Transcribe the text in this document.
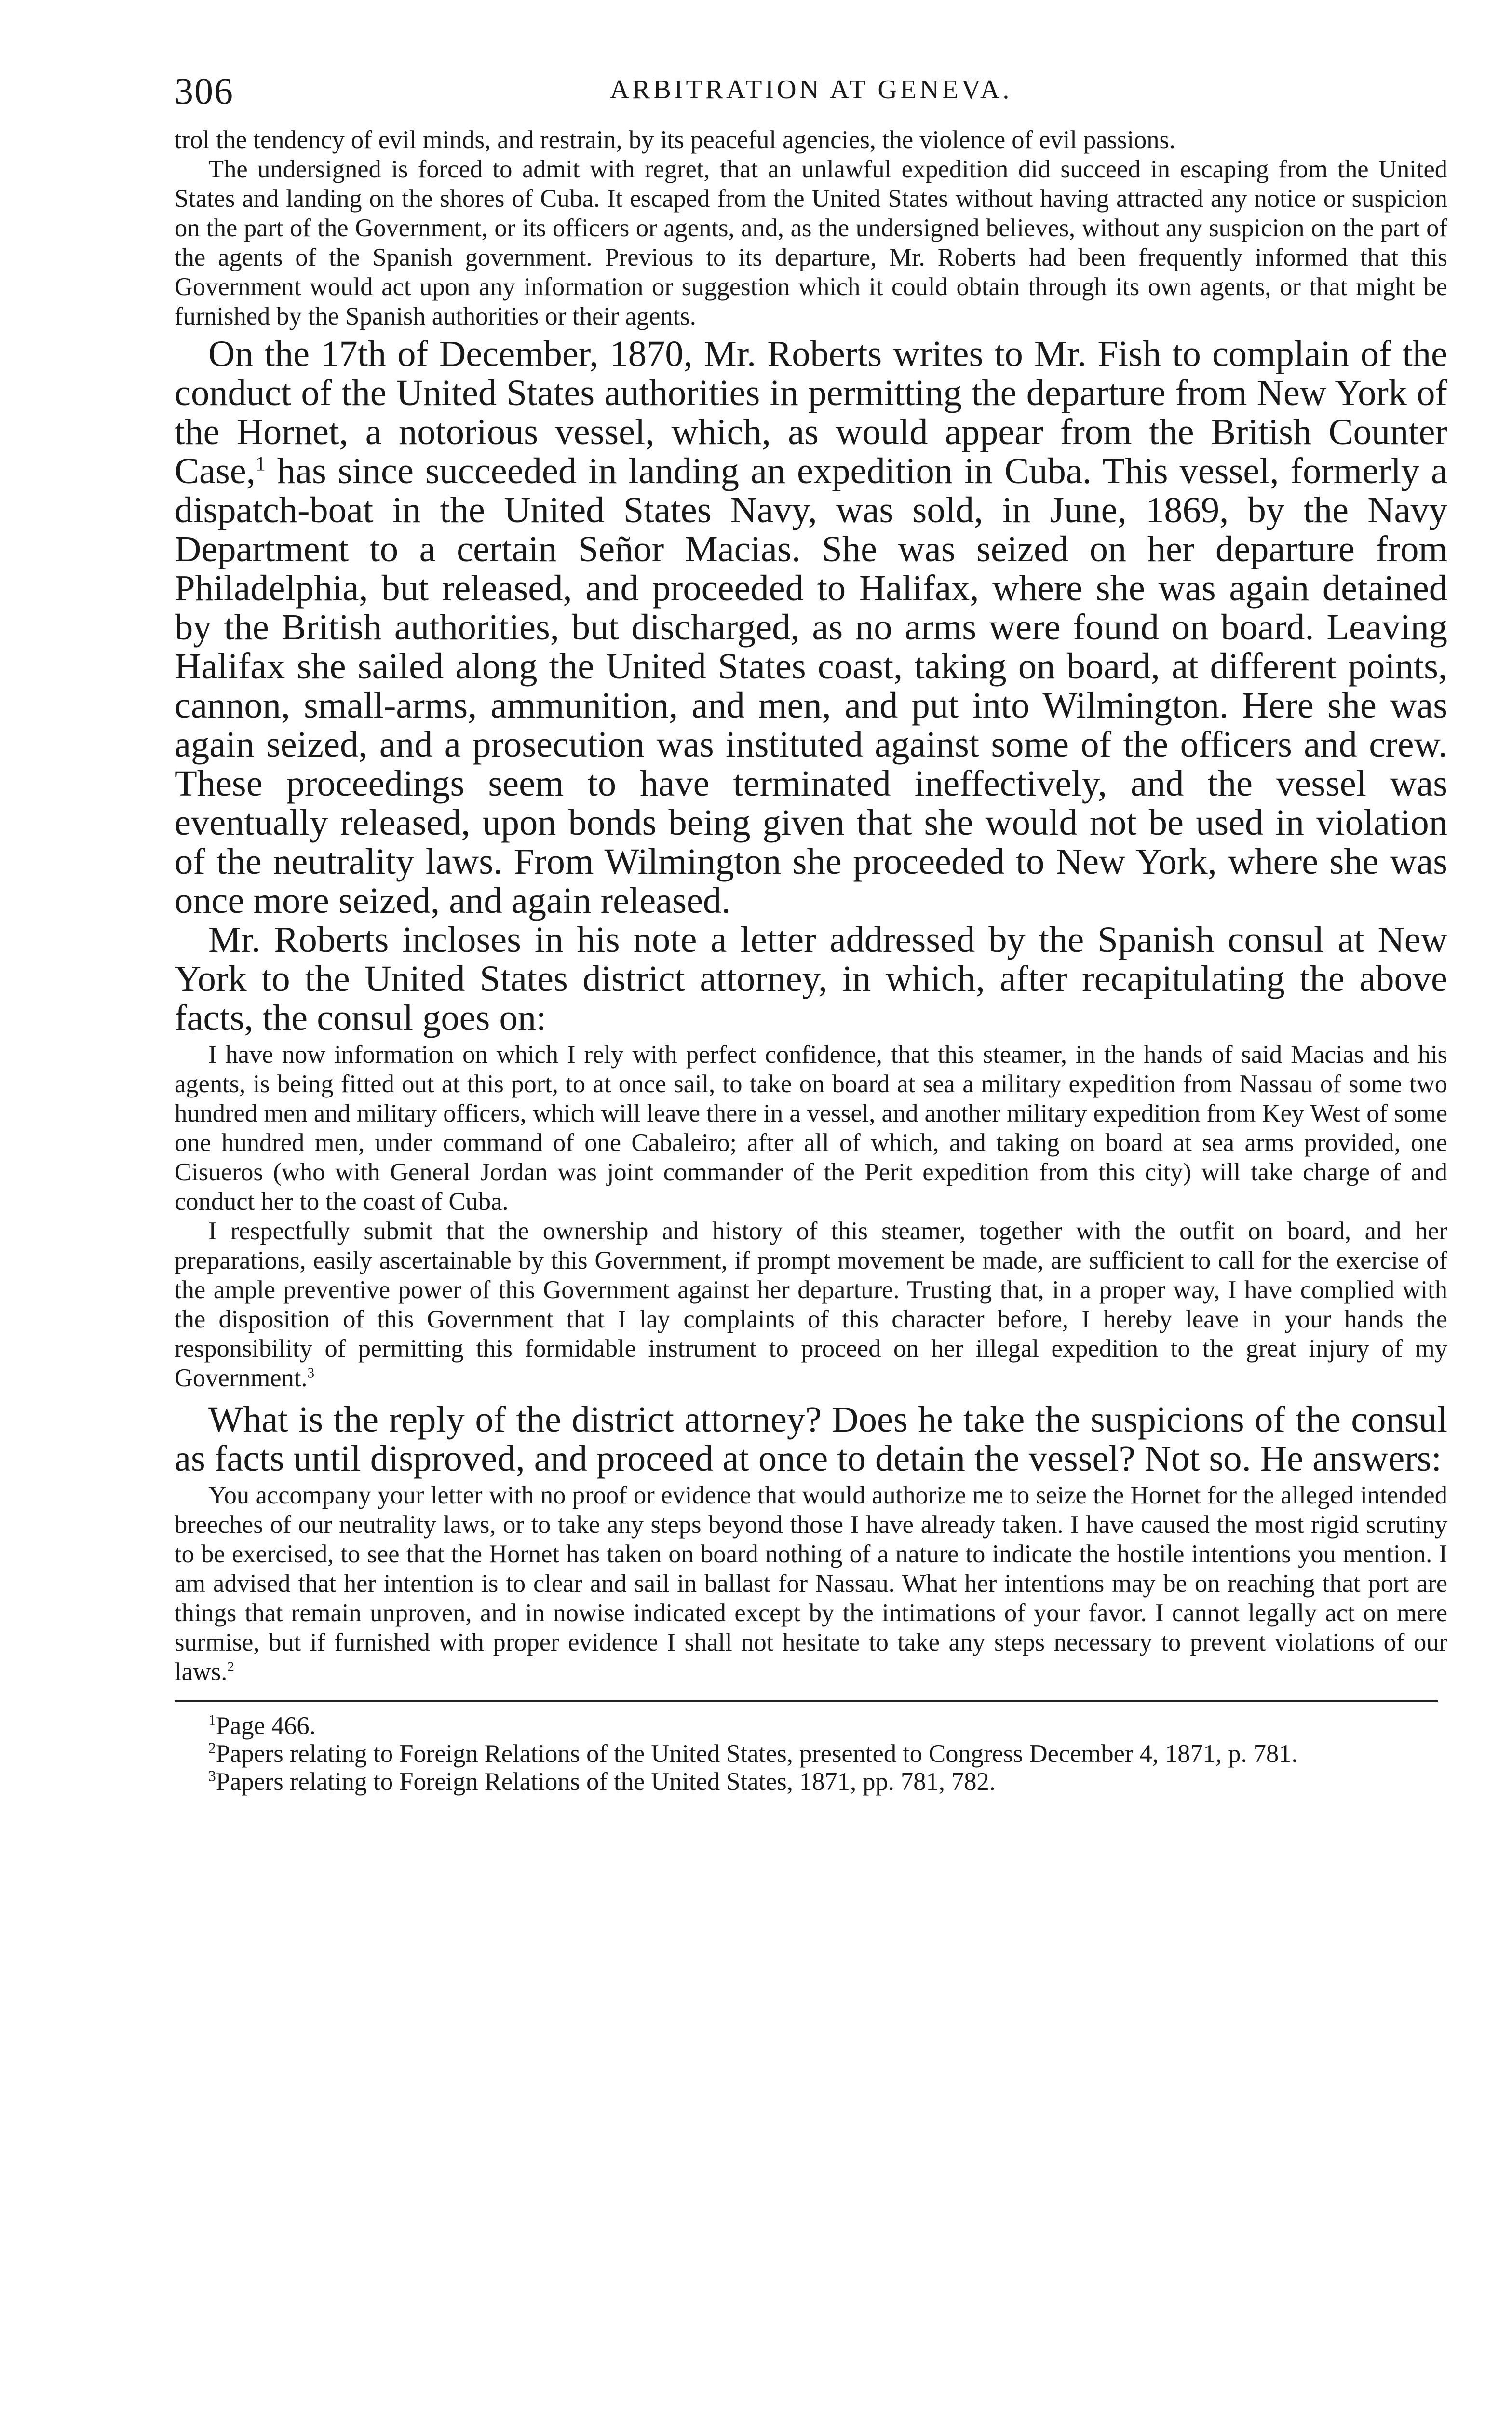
306	ARBITRATION AT GENEVA.

trol the tendency of evil minds, and restrain, by its peaceful agencies, the violence of evil passions.

The undersigned is forced to admit with regret, that an unlawful expedition did succeed in escaping from the United States and landing on the shores of Cuba. It escaped from the United States without having attracted any notice or suspicion on the part of the Government, or its officers or agents, and, as the undersigned believes, without any suspicion on the part of the agents of the Spanish government. Previous to its departure, Mr. Roberts had been frequently informed that this Government would act upon any information or suggestion which it could obtain through its own agents, or that might be furnished by the Spanish authorities or their agents.

On the 17th of December, 1870, Mr. Roberts writes to Mr. Fish to complain of the conduct of the United States authorities in permitting the departure from New York of the Hornet, a notorious vessel, which, as would appear from the British Counter Case,$^1$ has since succeeded in landing an expedition in Cuba. This vessel, formerly a dispatch-boat in the United States Navy, was sold, in June, 1869, by the Navy Department to a certain Señor Macias. She was seized on her departure from Philadelphia, but released, and proceeded to Halifax, where she was again detained by the British authorities, but discharged, as no arms were found on board. Leaving Halifax she sailed along the United States coast, taking on board, at different points, cannon, small-arms, ammunition, and men, and put into Wilmington. Here she was again seized, and a prosecution was instituted against some of the officers and crew. These proceedings seem to have terminated ineffectively, and the vessel was eventually released, upon bonds being given that she would not be used in violation of the neutrality laws. From Wilmington she proceeded to New York, where she was once more seized, and again released.

Mr. Roberts incloses in his note a letter addressed by the Spanish consul at New York to the United States district attorney, in which, after recapitulating the above facts, the consul goes on:

I have now information on which I rely with perfect confidence, that this steamer, in the hands of said Macias and his agents, is being fitted out at this port, to at once sail, to take on board at sea a military expedition from Nassau of some two hundred men and military officers, which will leave there in a vessel, and another military expedition from Key West of some one hundred men, under command of one Cabaleiro; after all of which, and taking on board at sea arms provided, one Cisueros (who with General Jordan was joint commander of the Perit expedition from this city) will take charge of and conduct her to the coast of Cuba.

I respectfully submit that the ownership and history of this steamer, together with the outfit on board, and her preparations, easily ascertainable by this Government, if prompt movement be made, are sufficient to call for the exercise of the ample preventive power of this Government against her departure. Trusting that, in a proper way, I have complied with the disposition of this Government that I lay complaints of this character before, I hereby leave in your hands the responsibility of permitting this formidable instrument to proceed on her illegal expedition to the great injury of my Government.$^3$

What is the reply of the district attorney? Does he take the suspicions of the consul as facts until disproved, and proceed at once to detain the vessel? Not so. He answers:

You accompany your letter with no proof or evidence that would authorize me to seize the Hornet for the alleged intended breeches of our neutrality laws, or to take any steps beyond those I have already taken. I have caused the most rigid scrutiny to be exercised, to see that the Hornet has taken on board nothing of a nature to indicate the hostile intentions you mention. I am advised that her intention is to clear and sail in ballast for Nassau. What her intentions may be on reaching that port are things that remain unproven, and in nowise indicated except by the intimations of your favor. I cannot legally act on mere surmise, but if furnished with proper evidence I shall not hesitate to take any steps necessary to prevent violations of our laws.$^2$

$^1$Page 466.

$^2$Papers relating to Foreign Relations of the United States, presented to Congress December 4, 1871, p. 781.

$^3$Papers relating to Foreign Relations of the United States, 1871, pp. 781, 782.
